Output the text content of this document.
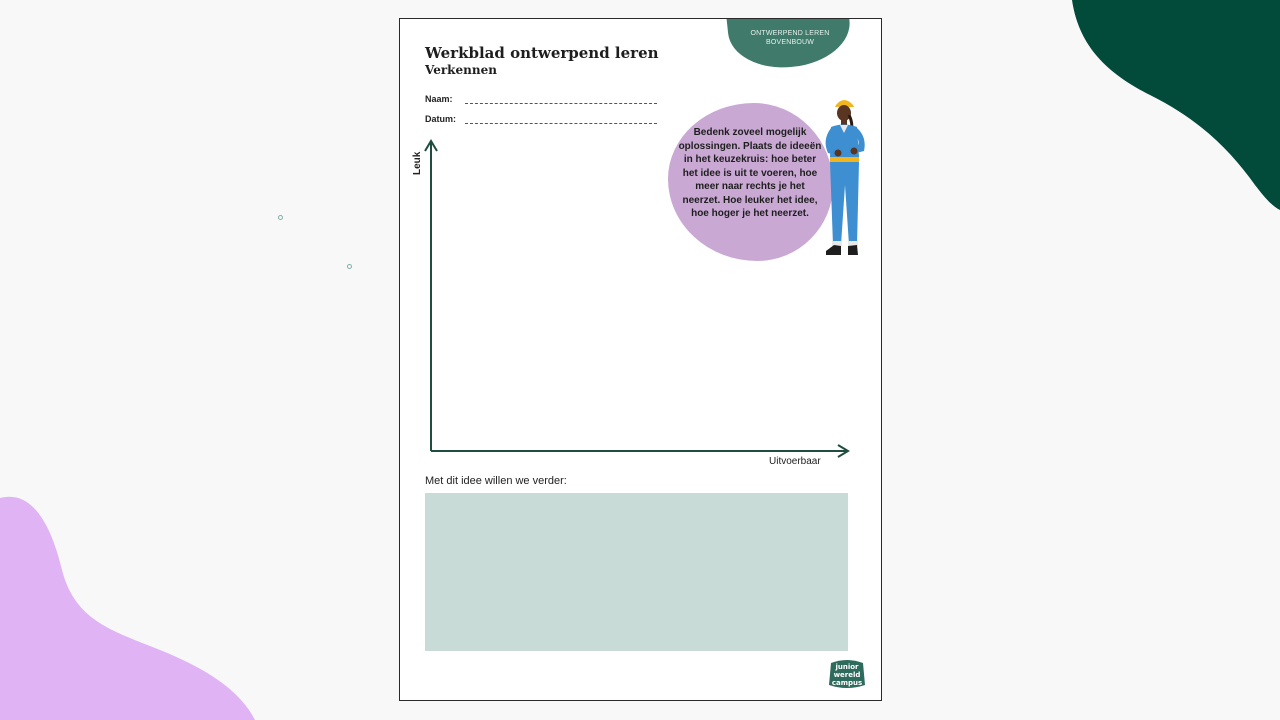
ONTWERPEND LEREN
BOVENBOUW
Werkblad ontwerpend leren
Verkennen
Naam:
Datum:
Leuk
Uitvoerbaar
Bedenk zoveel mogelijk oplossingen. Plaats de ideeën in het keuzekruis: hoe beter het idee is uit te voeren, hoe meer naar rechts je het neerzet. Hoe leuker het idee, hoe hoger je het neerzet.
Met dit idee willen we verder:
junior
wereld
campus
